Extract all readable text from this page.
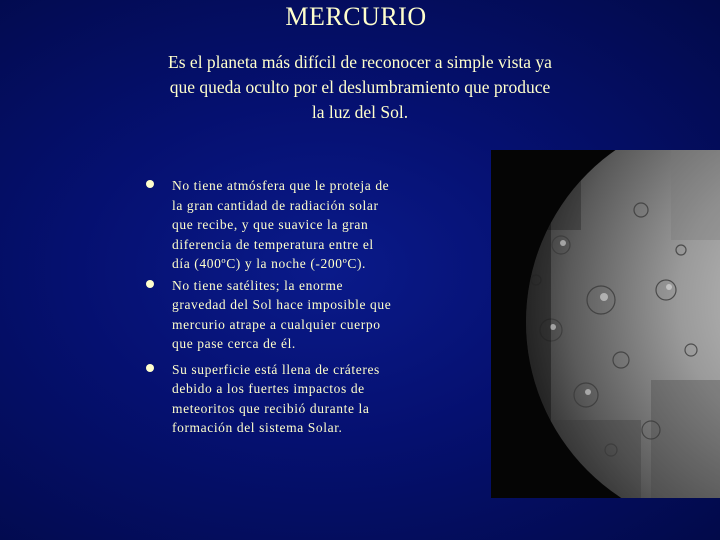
MERCURIO
Es el planeta más difícil de reconocer a simple vista ya
que queda oculto por el deslumbramiento que produce
la luz del Sol.
No tiene atmósfera que le proteja de
la gran cantidad de radiación solar
que recibe, y que suavice la gran
diferencia de temperatura entre el
día (400ºC) y la noche (-200ºC).
No tiene satélites; la enorme
gravedad del Sol hace imposible que
mercurio atrape a cualquier cuerpo
que pase cerca de él.
Su superficie está llena de cráteres
debido a los fuertes impactos de
meteoritos que recibió durante la
formación del sistema Solar.
